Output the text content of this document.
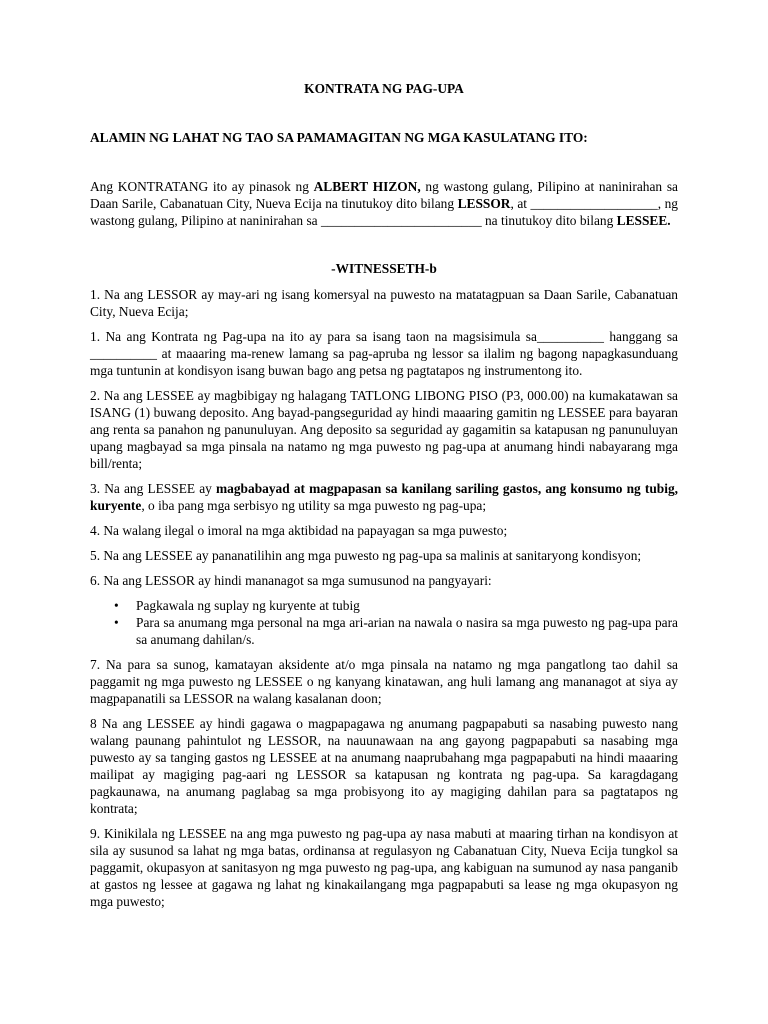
KONTRATA NG PAG-UPA
ALAMIN NG LAHAT NG TAO SA PAMAMAGITAN NG MGA KASULATANG ITO:

Ang KONTRATANG ito ay pinasok ng ALBERT HIZON, ng wastong gulang, Pilipino at naninirahan sa Daan Sarile, Cabanatuan City, Nueva Ecija na tinutukoy dito bilang LESSOR, at ___________________, ng wastong gulang, Pilipino at naninirahan sa ________________________ na tinutukoy dito bilang LESSEE.

-WITNESSETH-b

1. Na ang LESSOR ay may-ari ng isang komersyal na puwesto na matatagpuan sa Daan Sarile, Cabanatuan City, Nueva Ecija;

1. Na ang Kontrata ng Pag-upa na ito ay para sa isang taon na magsisimula sa__________ hanggang sa __________ at maaaring ma-renew lamang sa pag-apruba ng lessor sa ilalim ng bagong napagkasunduang mga tuntunin at kondisyon isang buwan bago ang petsa ng pagtatapos ng instrumentong ito.

2. Na ang LESSEE ay magbibigay ng halagang TATLONG LIBONG PISO (P3, 000.00) na kumakatawan sa ISANG (1) buwang deposito. Ang bayad-pangseguridad ay hindi maaaring gamitin ng LESSEE para bayaran ang renta sa panahon ng panunuluyan. Ang deposito sa seguridad ay gagamitin sa katapusan ng panunuluyan upang magbayad sa mga pinsala na natamo ng mga puwesto ng pag-upa at anumang hindi nabayarang mga bill/renta;

3. Na ang LESSEE ay magbabayad at magpapasan sa kanilang sariling gastos, ang konsumo ng tubig, kuryente, o iba pang mga serbisyo ng utility sa mga puwesto ng pag-upa;

4. Na walang ilegal o imoral na mga aktibidad na papayagan sa mga puwesto;

5. Na ang LESSEE ay pananatilihin ang mga puwesto ng pag-upa sa malinis at sanitaryong kondisyon;

6. Na ang LESSOR ay hindi mananagot sa mga sumusunod na pangyayari:

• Pagkawala ng suplay ng kuryente at tubig
• Para sa anumang mga personal na mga ari-arian na nawala o nasira sa mga puwesto ng pag-upa para sa anumang dahilan/s.

7. Na para sa sunog, kamatayan aksidente at/o mga pinsala na natamo ng mga pangatlong tao dahil sa paggamit ng mga puwesto ng LESSEE o ng kanyang kinatawan, ang huli lamang ang mananagot at siya ay magpapanatili sa LESSOR na walang kasalanan doon;

8 Na ang LESSEE ay hindi gagawa o magpapagawa ng anumang pagpapabuti sa nasabing puwesto nang walang paunang pahintulot ng LESSOR, na nauunawaan na ang gayong pagpapabuti sa nasabing mga puwesto ay sa tanging gastos ng LESSEE at na anumang naaprubahang mga pagpapabuti na hindi maaaring mailipat ay magiging pag-aari ng LESSOR sa katapusan ng kontrata ng pag-upa. Sa karagdagang pagkaunawa, na anumang paglabag sa mga probisyong ito ay magiging dahilan para sa pagtatapos ng kontrata;

9. Kinikilala ng LESSEE na ang mga puwesto ng pag-upa ay nasa mabuti at maaring tirhan na kondisyon at sila ay susunod sa lahat ng mga batas, ordinansa at regulasyon ng Cabanatuan City, Nueva Ecija tungkol sa paggamit, okupasyon at sanitasyon ng mga puwesto ng pag-upa, ang kabiguan na sumunod ay nasa panganib at gastos ng lessee at gagawa ng lahat ng kinakailangang mga pagpapabuti sa lease ng mga okupasyon ng mga puwesto;
